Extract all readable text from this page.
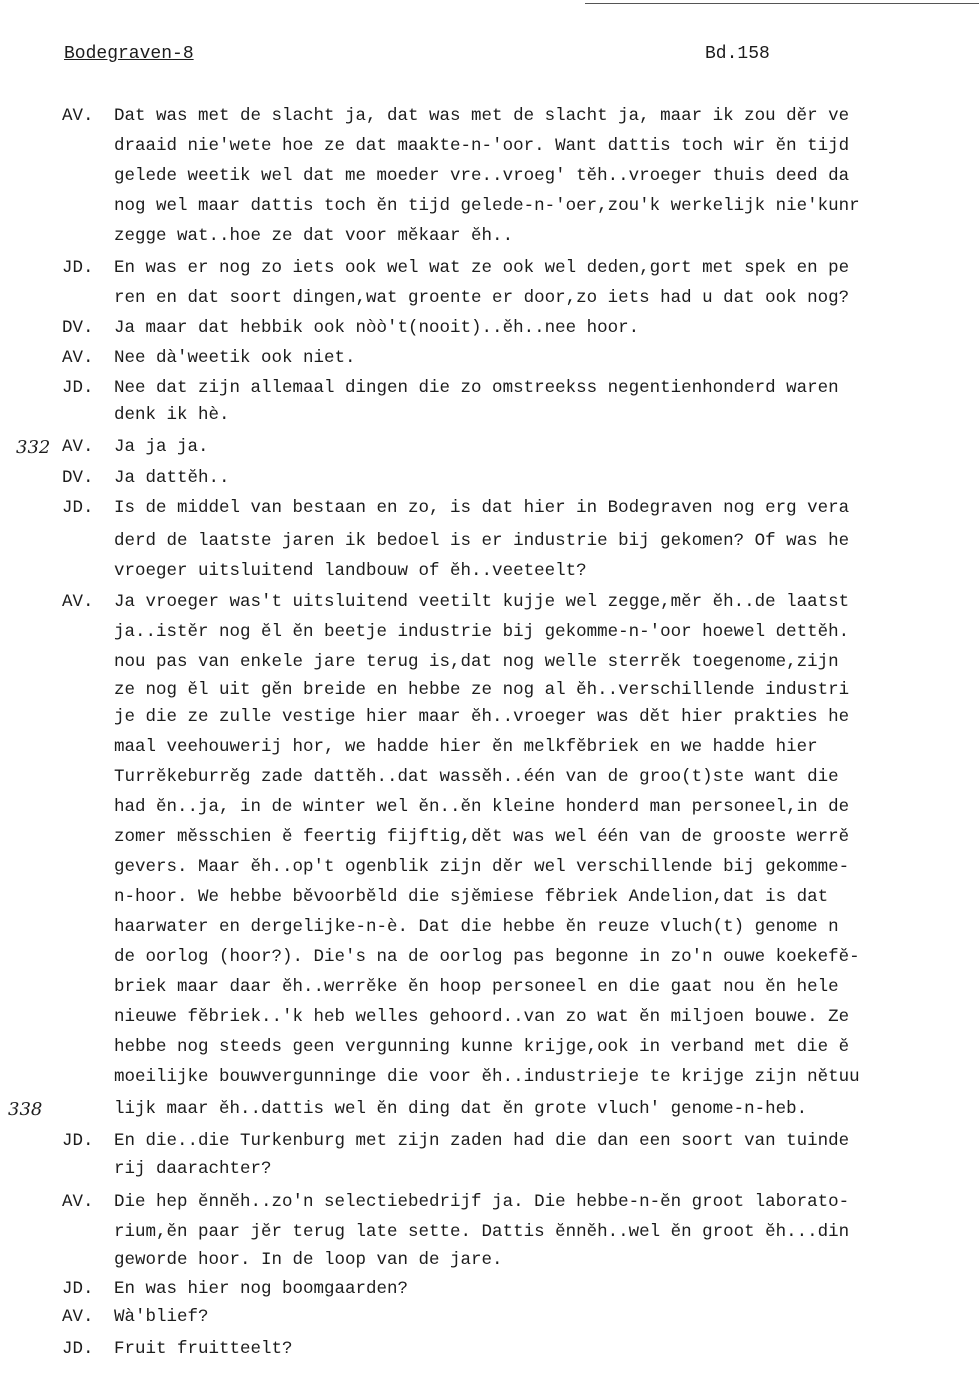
Bodegraven-8	Bd.158
332
338
AV.	Dat was met de slacht ja, dat was met de slacht ja, maar ik zou dĕr ve
draaid nie'wete hoe ze dat maakte-n-'oor. Want dattis toch wir ĕn tijd
gelede weetik wel dat me moeder vre..vroeg' tĕh..vroeger thuis deed da
nog wel maar dattis toch ĕn tijd gelede-n-'oer,zou'k werkelijk nie'kunr
zegge wat..hoe ze dat voor mĕkaar ĕh..
JD.	En was er nog zo iets ook wel wat ze ook wel deden,gort met spek en pe
ren en dat soort dingen,wat groente er door,zo iets had u dat ook nog?
DV.	Ja maar dat hebbik ook nòò't(nooit)..ĕh..nee hoor.
AV.	Nee dà'weetik ook niet.
JD.	Nee dat zijn allemaal dingen die zo omstreekss negentienhonderd waren
denk ik hè.
AV.	Ja ja ja.
DV.	Ja dattĕh..
JD.	Is de middel van bestaan en zo, is dat hier in Bodegraven nog erg vera
derd de laatste jaren ik bedoel is er industrie bij gekomen? Of was he
vroeger uitsluitend landbouw of ĕh..veeteelt?
AV.	Ja vroeger was't uitsluitend veetilt kujje wel zegge,mĕr ĕh..de laatst
ja..istĕr nog ĕl ĕn beetje industrie bij gekomme-n-'oor hoewel dettĕh.
nou pas van enkele jare terug is,dat nog welle sterrĕk toegenome,zijn
ze nog ĕl uit gĕn breide en hebbe ze nog al ĕh..verschillende industri
je die ze zulle vestige hier maar ĕh..vroeger was dĕt hier prakties he
maal veehouwerij hor, we hadde hier ĕn melkfĕbriek en we hadde hier
Turrĕkeburrĕg zade dattĕh..dat wassĕh..één van de groo(t)ste want die
had ĕn..ja, in de winter wel ĕn..ĕn kleine honderd man personeel,in de
zomer mĕsschien ĕ feertig fijftig,dĕt was wel één van de grooste werrĕ
gevers. Maar ĕh..op't ogenblik zijn dĕr wel verschillende bij gekomme-
n-hoor. We hebbe bĕvoorbĕld die sjĕmiese fĕbriek Andelion,dat is dat
haarwater en dergelijke-n-è. Dat die hebbe ĕn reuze vluch(t) genome n
de oorlog (hoor?). Die's na de oorlog pas begonne in zo'n ouwe koekefĕ-
briek maar daar ĕh..werrĕke ĕn hoop personeel en die gaat nou ĕn hele
nieuwe fĕbriek..'k heb welles gehoord..van zo wat ĕn miljoen bouwe. Ze
hebbe nog steeds geen vergunning kunne krijge,ook in verband met die ĕ
moeilijke bouwvergunninge die voor ĕh..industrieje te krijge zijn nĕtuu
lijk maar ĕh..dattis wel ĕn ding dat ĕn grote vluch' genome-n-heb.
JD.	En die..die Turkenburg met zijn zaden had die dan een soort van tuinde
rij daarachter?
AV.	Die hep ĕnnĕh..zo'n selectiebedrijf ja. Die hebbe-n-ĕn groot laborato-
rium,ĕn paar jĕr terug late sette. Dattis ĕnnĕh..wel ĕn groot ĕh...din
geworde hoor. In de loop van de jare.
JD.	En was hier nog boomgaarden?
AV.	Wà'blief?
JD.	Fruit fruitteelt?
